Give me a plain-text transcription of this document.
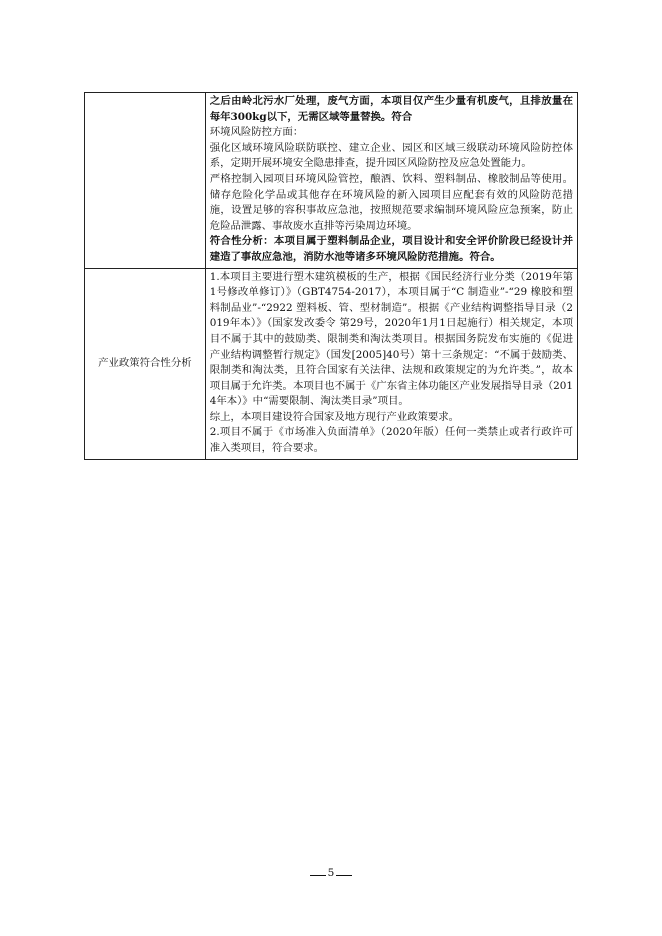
	之后由岭北污水厂处理，废气方面，本项目仅产生少量有机废气，且排放量在每年300kg以下，无需区域等量替换。符合

环境风险防控方面：

强化区域环境风险联防联控、建立企业、园区和区域三级联动环境风险防控体系，定期开展环境安全隐患排查，提升园区风险防控及应急处置能力。

严格控制入园项目环境风险管控，酿酒、饮料、塑料制品、橡胶制品等使用。储存危险化学品或其他存在环境风险的新入园项目应配套有效的风险防范措施，设置足够的容积事故应急池，按照规范要求编制环境风险应急预案，防止危险品泄露、事故废水直排等污染周边环境。

符合性分析：本项目属于塑料制品企业，项目设计和安全评价阶段已经设计并建造了事故应急池，消防水池等诸多环境风险防范措施。符合。

产业政策符合性分析	1.本项目主要进行塑木建筑模板的生产，根据《国民经济行业分类（2019年第1号修改单修订）》（GBT4754-2017），本项目属于“C 制造业”-“29 橡胶和塑料制品业”-“2922 塑料板、管、型材制造”。根据《产业结构调整指导目录（2019年本）》（国家发改委令 第29号，2020年1月1日起施行）相关规定，本项目不属于其中的鼓励类、限制类和淘汰类项目。根据国务院发布实施的《促进产业结构调整暂行规定》（国发[2005]40号）第十三条规定：“不属于鼓励类、限制类和淘汰类，且符合国家有关法律、法规和政策规定的为允许类。”，故本项目属于允许类。本项目也不属于《广东省主体功能区产业发展指导目录（2014年本）》中“需要限制、淘汰类目录”项目。

综上，本项目建设符合国家及地方现行产业政策要求。

2.项目不属于《市场准入负面清单》（2020年版）任何一类禁止或者行政许可准入类项目，符合要求。

5
